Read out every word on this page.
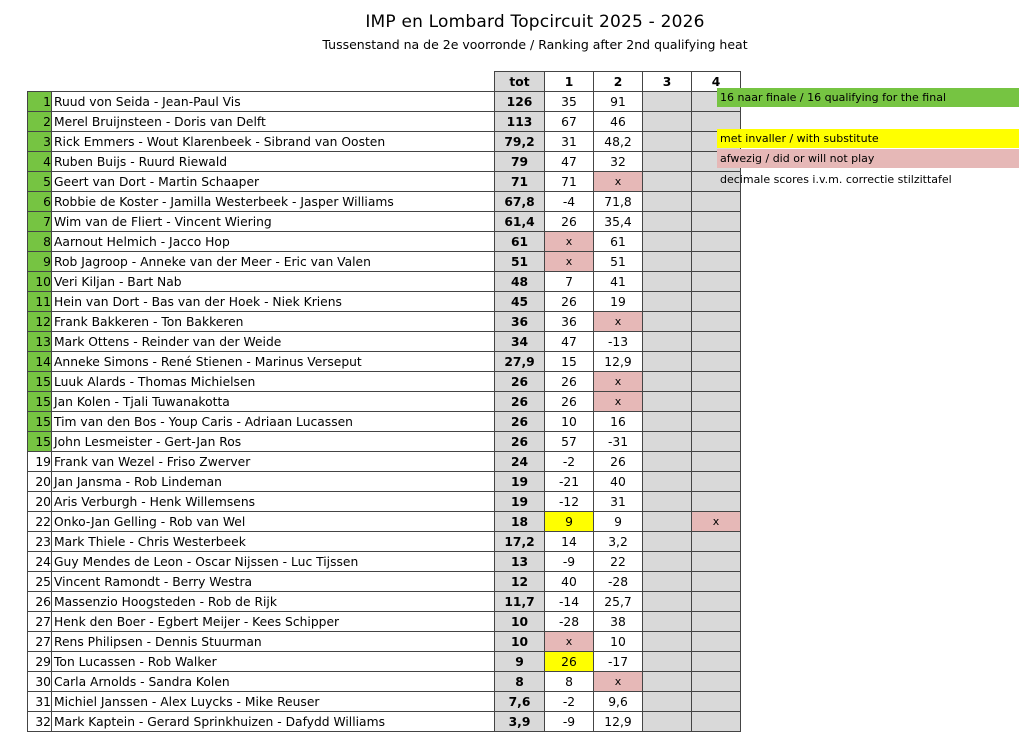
IMP en Lombard Topcircuit 2025 - 2026
Tussenstand na de 2e voorronde / Ranking after 2nd qualifying heat
		tot	1	2	3	4
1	Ruud von Seida - Jean-Paul Vis	126	35	91		
2	Merel Bruijnsteen - Doris van Delft	113	67	46		
3	Rick Emmers - Wout Klarenbeek - Sibrand van Oosten	79,2	31	48,2		
4	Ruben Buijs - Ruurd Riewald	79	47	32		
5	Geert van Dort - Martin Schaaper	71	71	x		
6	Robbie de Koster - Jamilla Westerbeek - Jasper Williams	67,8	-4	71,8		
7	Wim van de Fliert - Vincent Wiering	61,4	26	35,4		
8	Aarnout Helmich - Jacco Hop	61	x	61		
9	Rob Jagroop - Anneke van der Meer - Eric van Valen	51	x	51		
10	Veri Kiljan - Bart Nab	48	7	41		
11	Hein van Dort - Bas van der Hoek - Niek Kriens	45	26	19		
12	Frank Bakkeren - Ton Bakkeren	36	36	x		
13	Mark Ottens - Reinder van der Weide	34	47	-13		
14	Anneke Simons - René Stienen - Marinus Verseput	27,9	15	12,9		
15	Luuk Alards - Thomas Michielsen	26	26	x		
15	Jan Kolen - Tjali Tuwanakotta	26	26	x		
15	Tim van den Bos - Youp Caris - Adriaan Lucassen	26	10	16		
15	John Lesmeister - Gert-Jan Ros	26	57	-31		
19	Frank van Wezel - Friso Zwerver	24	-2	26		
20	Jan Jansma - Rob Lindeman	19	-21	40		
20	Aris Verburgh - Henk Willemsens	19	-12	31		
22	Onko-Jan Gelling - Rob van Wel	18	9	9		x
23	Mark Thiele - Chris Westerbeek	17,2	14	3,2		
24	Guy Mendes de Leon - Oscar Nijssen - Luc Tijssen	13	-9	22		
25	Vincent Ramondt - Berry Westra	12	40	-28		
26	Massenzio Hoogsteden - Rob de Rijk	11,7	-14	25,7		
27	Henk den Boer - Egbert Meijer - Kees Schipper	10	-28	38		
27	Rens Philipsen - Dennis Stuurman	10	x	10		
29	Ton Lucassen - Rob Walker	9	26	-17		
30	Carla Arnolds - Sandra Kolen	8	8	x		
31	Michiel Janssen - Alex Luycks - Mike Reuser	7,6	-2	9,6		
32	Mark Kaptein - Gerard Sprinkhuizen - Dafydd Williams	3,9	-9	12,9		
16 naar finale / 16 qualifying for the final
met invaller / with substitute
afwezig / did or will not play
decimale scores i.v.m. correctie stilzittafel
